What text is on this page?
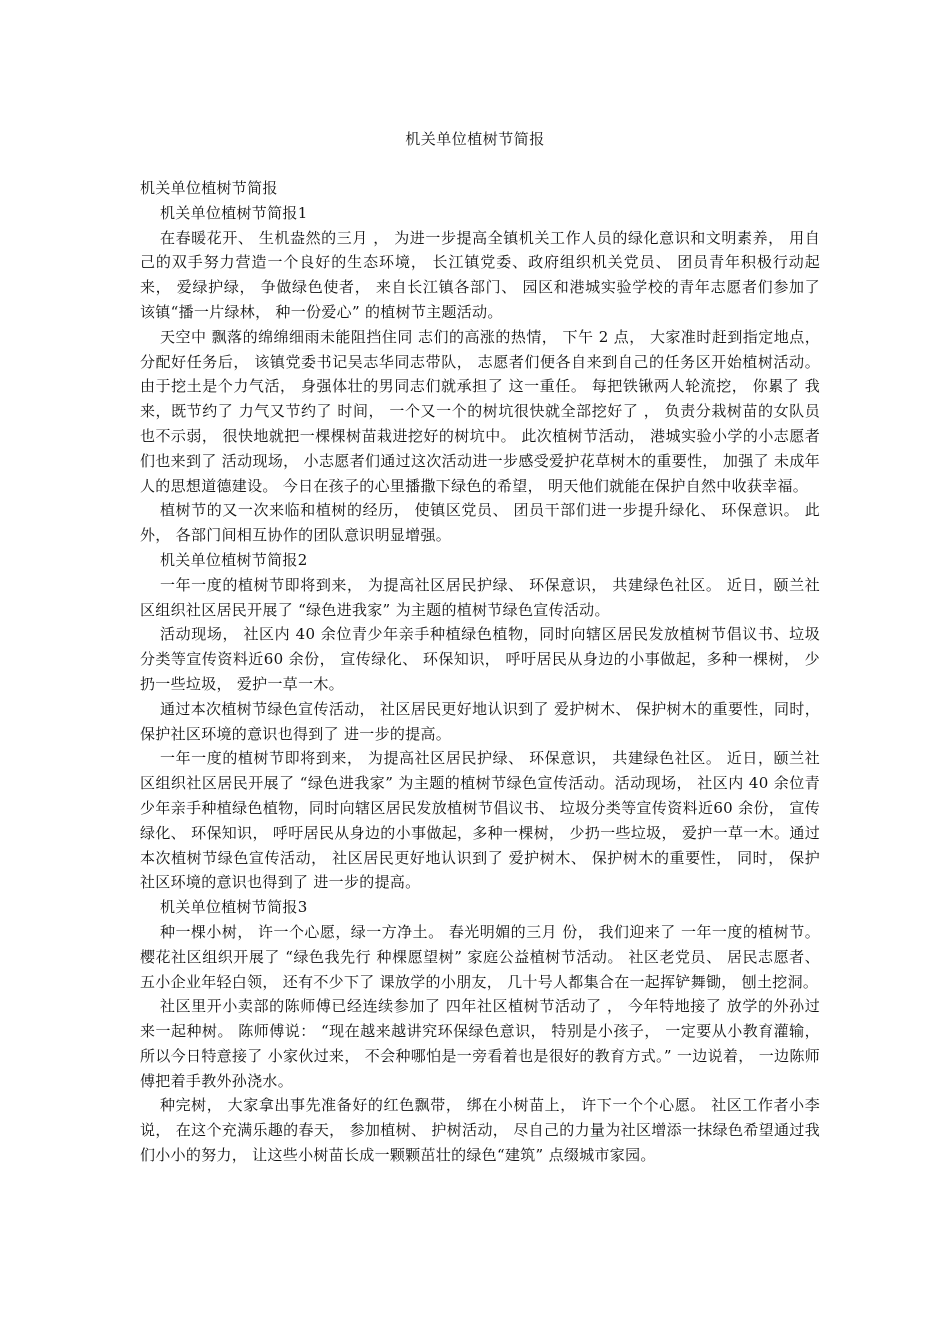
机关单位植树节简报

机关单位植树节简报

机关单位植树节简报1

在春暖花开、 生机盎然的三月 ， 为进一步提高全镇机关工作人员的绿化意识和文明素养， 用自 己的双手努力营造一个良好的生态环境， 长江镇党委、政府组织机关党员、 团员青年积极行动起来， 爱绿护绿， 争做绿色使者， 来自长江镇各部门、 园区和港城实验学校的青年志愿者们参加了 该镇“播一片绿林， 种一份爱心” 的植树节主题活动。

天空中 飘落的绵绵细雨未能阻挡住同 志们的高涨的热情， 下午 2 点， 大家准时赶到指定地点， 分配好任务后， 该镇党委书记吴志华同志带队， 志愿者们便各自来到自己的任务区开始植树活动。 由于挖土是个力气活， 身强体壮的男同志们就承担了 这一重任。 每把铁锹两人轮流挖， 你累了 我来，既节约了 力气又节约了 时间， 一个又一个的树坑很快就全部挖好了 ， 负责分栽树苗的女队员也不示弱， 很快地就把一棵棵树苗栽进挖好的树坑中。 此次植树节活动， 港城实验小学的小志愿者们也来到了 活动现场， 小志愿者们通过这次活动进一步感受爱护花草树木的重要性， 加强了 未成年人的思想道德建设。 今日在孩子的心里播撒下绿色的希望， 明天他们就能在保护自然中收获幸福。

植树节的又一次来临和植树的经历， 使镇区党员、 团员干部们进一步提升绿化、 环保意识。 此外， 各部门间相互协作的团队意识明显增强。

机关单位植树节简报2

一年一度的植树节即将到来， 为提高社区居民护绿、 环保意识， 共建绿色社区。 近日，颐兰社区组织社区居民开展了 “绿色进我家” 为主题的植树节绿色宣传活动。

活动现场， 社区内 40 余位青少年亲手种植绿色植物，同时向辖区居民发放植树节倡议书、垃圾分类等宣传资料近60 余份， 宣传绿化、 环保知识， 呼吁居民从身边的小事做起，多种一棵树， 少扔一些垃圾， 爱护一草一木。

通过本次植树节绿色宣传活动， 社区居民更好地认识到了 爱护树木、 保护树木的重要性，同时， 保护社区环境的意识也得到了 进一步的提高。

一年一度的植树节即将到来， 为提高社区居民护绿、 环保意识， 共建绿色社区。 近日，颐兰社区组织社区居民开展了 “绿色进我家” 为主题的植树节绿色宣传活动。活动现场， 社区内 40 余位青少年亲手种植绿色植物，同时向辖区居民发放植树节倡议书、 垃圾分类等宣传资料近60 余份， 宣传绿化、 环保知识， 呼吁居民从身边的小事做起，多种一棵树， 少扔一些垃圾， 爱护一草一木。通过本次植树节绿色宣传活动， 社区居民更好地认识到了 爱护树木、 保护树木的重要性， 同时， 保护社区环境的意识也得到了 进一步的提高。

机关单位植树节简报3

种一棵小树， 许一个心愿，绿一方净土。 春光明媚的三月 份， 我们迎来了 一年一度的植树节。 樱花社区组织开展了 “绿色我先行 种棵愿望树” 家庭公益植树节活动。 社区老党员、 居民志愿者、 五小企业年轻白领， 还有不少下了 课放学的小朋友， 几十号人都集合在一起挥铲舞锄， 刨土挖洞。

社区里开小卖部的陈师傅已经连续参加了 四年社区植树节活动了 ， 今年特地接了 放学的外孙过来一起种树。 陈师傅说： “现在越来越讲究环保绿色意识， 特别是小孩子， 一定要从小教育灌输， 所以今日特意接了 小家伙过来， 不会种哪怕是一旁看着也是很好的教育方式。” 一边说着， 一边陈师傅把着手教外孙浇水。

种完树， 大家拿出事先准备好的红色飘带， 绑在小树苗上， 许下一个个心愿。 社区工作者小李说， 在这个充满乐趣的春天， 参加植树、 护树活动， 尽自己的力量为社区增添一抹绿色希望通过我们小小的努力， 让这些小树苗长成一颗颗茁壮的绿色“建筑” 点缀城市家园。
